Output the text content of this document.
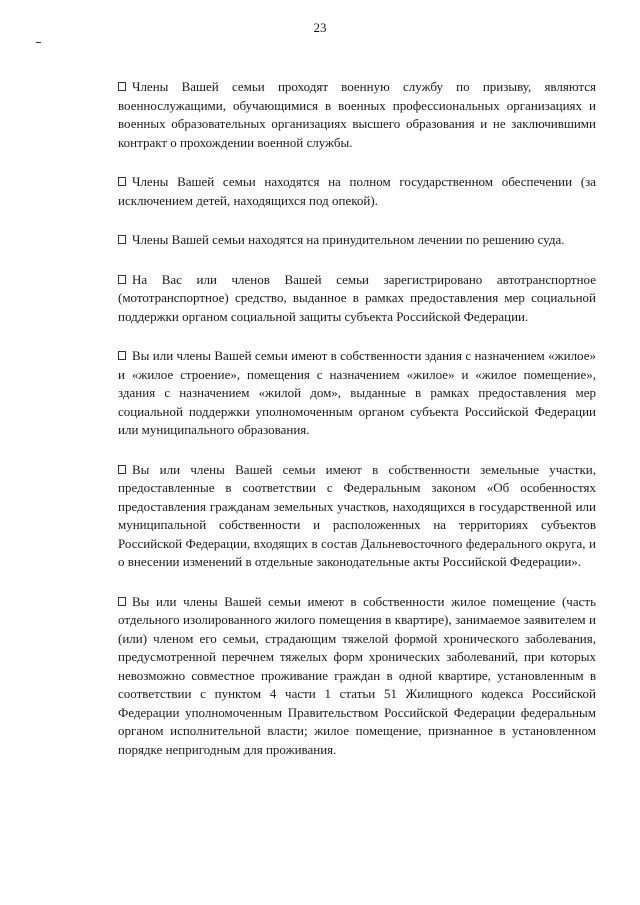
23

Члены Вашей семьи проходят военную службу по призыву, являются военнослужащими, обучающимися в военных профессиональных организациях и военных образовательных организациях высшего образования и не заключившими контракт о прохождении военной службы.

Члены Вашей семьи находятся на полном государственном обеспечении (за исключением детей, находящихся под опекой).

Члены Вашей семьи находятся на принудительном лечении по решению суда.

На Вас или членов Вашей семьи зарегистрировано автотранспортное (мототранспортное) средство, выданное в рамках предоставления мер социальной поддержки органом социальной защиты субъекта Российской Федерации.

Вы или члены Вашей семьи имеют в собственности здания с назначением «жилое» и «жилое строение», помещения с назначением «жилое» и «жилое помещение», здания с назначением «жилой дом», выданные в рамках предоставления мер социальной поддержки уполномоченным органом субъекта Российской Федерации или муниципального образования.

Вы или члены Вашей семьи имеют в собственности земельные участки, предоставленные в соответствии с Федеральным законом «Об особенностях предоставления гражданам земельных участков, находящихся в государственной или муниципальной собственности и расположенных на территориях субъектов Российской Федерации, входящих в состав Дальневосточного федерального округа, и о внесении изменений в отдельные законодательные акты Российской Федерации».

Вы или члены Вашей семьи имеют в собственности жилое помещение (часть отдельного изолированного жилого помещения в квартире), занимаемое заявителем и (или) членом его семьи, страдающим тяжелой формой хронического заболевания, предусмотренной перечнем тяжелых форм хронических заболеваний, при которых невозможно совместное проживание граждан в одной квартире, установленным в соответствии с пунктом 4 части 1 статьи 51 Жилищного кодекса Российской Федерации уполномоченным Правительством Российской Федерации федеральным органом исполнительной власти; жилое помещение, признанное в установленном порядке непригодным для проживания.
